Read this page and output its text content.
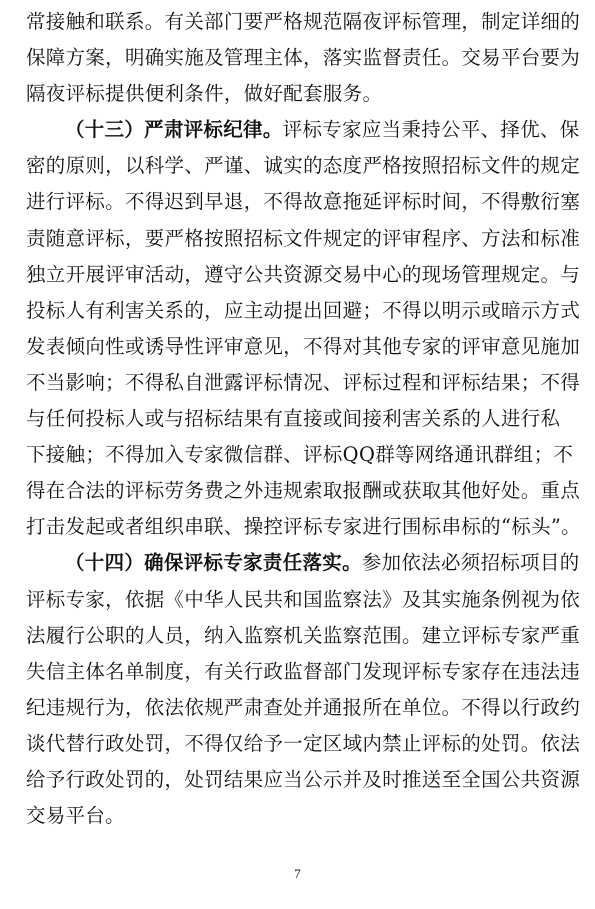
常接触和联系。有关部门要严格规范隔夜评标管理，制定详细的
保障方案，明确实施及管理主体，落实监督责任。交易平台要为
隔夜评标提供便利条件，做好配套服务。
（十三）严肃评标纪律。评标专家应当秉持公平、择优、保
密的原则，以科学、严谨、诚实的态度严格按照招标文件的规定
进行评标。不得迟到早退，不得故意拖延评标时间，不得敷衍塞
责随意评标，要严格按照招标文件规定的评审程序、方法和标准
独立开展评审活动，遵守公共资源交易中心的现场管理规定。与
投标人有利害关系的，应主动提出回避；不得以明示或暗示方式
发表倾向性或诱导性评审意见，不得对其他专家的评审意见施加
不当影响；不得私自泄露评标情况、评标过程和评标结果；不得
与任何投标人或与招标结果有直接或间接利害关系的人进行私
下接触；不得加入专家微信群、评标QQ群等网络通讯群组；不
得在合法的评标劳务费之外违规索取报酬或获取其他好处。重点
打击发起或者组织串联、操控评标专家进行围标串标的“标头”。
（十四）确保评标专家责任落实。参加依法必须招标项目的
评标专家，依据《中华人民共和国监察法》及其实施条例视为依
法履行公职的人员，纳入监察机关监察范围。建立评标专家严重
失信主体名单制度，有关行政监督部门发现评标专家存在违法违
纪违规行为，依法依规严肃查处并通报所在单位。不得以行政约
谈代替行政处罚，不得仅给予一定区域内禁止评标的处罚。依法
给予行政处罚的，处罚结果应当公示并及时推送至全国公共资源
交易平台。
7
